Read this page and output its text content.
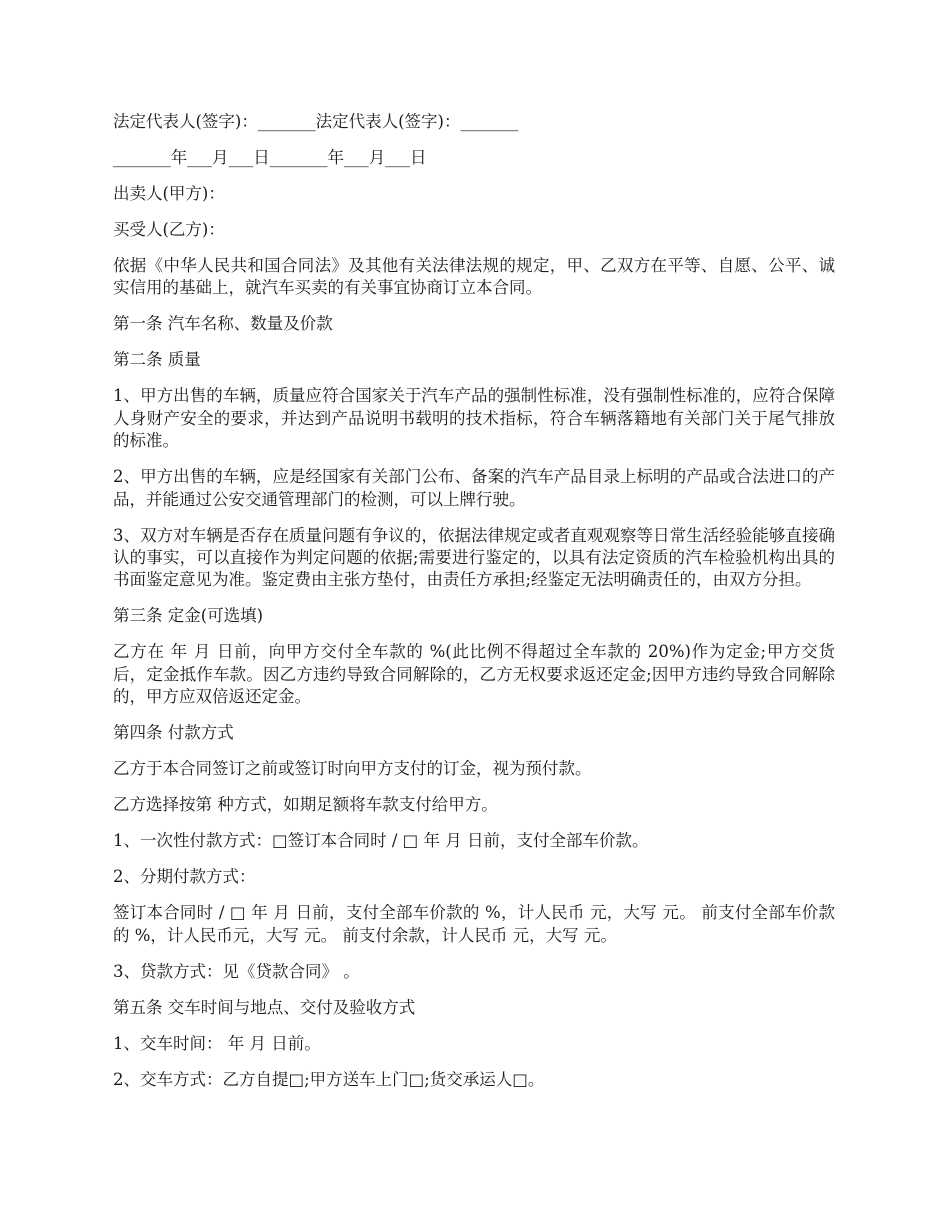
法定代表人(签字)：_______法定代表人(签字)：_______

_______年___月___日_______年___月___日

出卖人(甲方)：

买受人(乙方)：

依据《中华人民共和国合同法》及其他有关法律法规的规定，甲、乙双方在平等、自愿、公平、诚实信用的基础上，就汽车买卖的有关事宜协商订立本合同。

第一条 汽车名称、数量及价款

第二条 质量

1、甲方出售的车辆，质量应符合国家关于汽车产品的强制性标准，没有强制性标准的，应符合保障人身财产安全的要求，并达到产品说明书载明的技术指标，符合车辆落籍地有关部门关于尾气排放的标准。

2、甲方出售的车辆，应是经国家有关部门公布、备案的汽车产品目录上标明的产品或合法进口的产品，并能通过公安交通管理部门的检测，可以上牌行驶。

3、双方对车辆是否存在质量问题有争议的，依据法律规定或者直观观察等日常生活经验能够直接确认的事实，可以直接作为判定问题的依据;需要进行鉴定的，以具有法定资质的汽车检验机构出具的书面鉴定意见为准。鉴定费由主张方垫付，由责任方承担;经鉴定无法明确责任的，由双方分担。

第三条 定金(可选填)

乙方在 年 月 日前，向甲方交付全车款的 %(此比例不得超过全车款的 20%)作为定金;甲方交货后，定金抵作车款。因乙方违约导致合同解除的，乙方无权要求返还定金;因甲方违约导致合同解除的，甲方应双倍返还定金。

第四条 付款方式

乙方于本合同签订之前或签订时向甲方支付的订金，视为预付款。

乙方选择按第 种方式，如期足额将车款支付给甲方。

1、一次性付款方式：□签订本合同时 / □ 年 月 日前，支付全部车价款。

2、分期付款方式：

签订本合同时 / □ 年 月 日前，支付全部车价款的 %，计人民币 元，大写 元。 前支付全部车价款的 %，计人民币元，大写 元。 前支付余款，计人民币 元，大写 元。

3、贷款方式：见《贷款合同》 。

第五条 交车时间与地点、交付及验收方式

1、交车时间： 年 月 日前。

2、交车方式：乙方自提□;甲方送车上门□;货交承运人□。
